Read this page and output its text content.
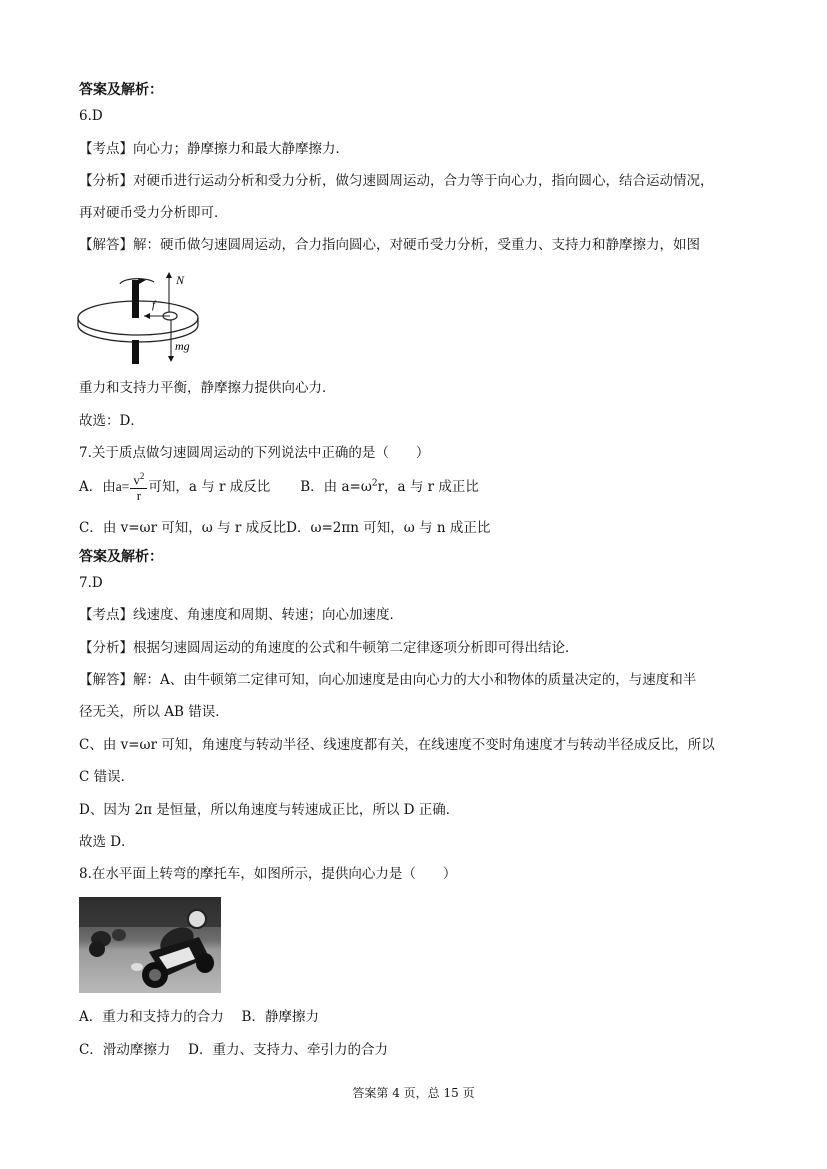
答案及解析：
6.D
【考点】向心力；静摩擦力和最大静摩擦力．
【分析】对硬币进行运动分析和受力分析，做匀速圆周运动，合力等于向心力，指向圆心，结合运动情况，
再对硬币受力分析即可．
【解答】解：硬币做匀速圆周运动，合力指向圆心，对硬币受力分析，受重力、支持力和静摩擦力，如图
N
f
mg
重力和支持力平衡，静摩擦力提供向心力．
故选：D．
7.关于质点做匀速圆周运动的下列说法中正确的是（　　）
A．由$a= \frac{v^2}{r}$ 可知，a 与 r 成反比 B．由 $a=\omega^2r$，a 与 r 成正比
C．由 v=ωr 可知，ω 与 r 成反比D．ω=2πn 可知，ω 与 n 成正比
答案及解析：
7.D
【考点】线速度、角速度和周期、转速；向心加速度．
【分析】根据匀速圆周运动的角速度的公式和牛顿第二定律逐项分析即可得出结论．
【解答】解：A、由牛顿第二定律可知，向心加速度是由向心力的大小和物体的质量决定的，与速度和半
径无关，所以 AB 错误．
C、由 v=ωr 可知，角速度与转动半径、线速度都有关，在线速度不变时角速度才与转动半径成反比，所以
C 错误．
D、因为 2π 是恒量，所以角速度与转速成正比，所以 D 正确．
故选 D．
8.在水平面上转弯的摩托车，如图所示，提供向心力是（　　）
A．重力和支持力的合力　 B．静摩擦力
C．滑动摩擦力　 D．重力、支持力、牵引力的合力
答案第 4 页，总 15 页
